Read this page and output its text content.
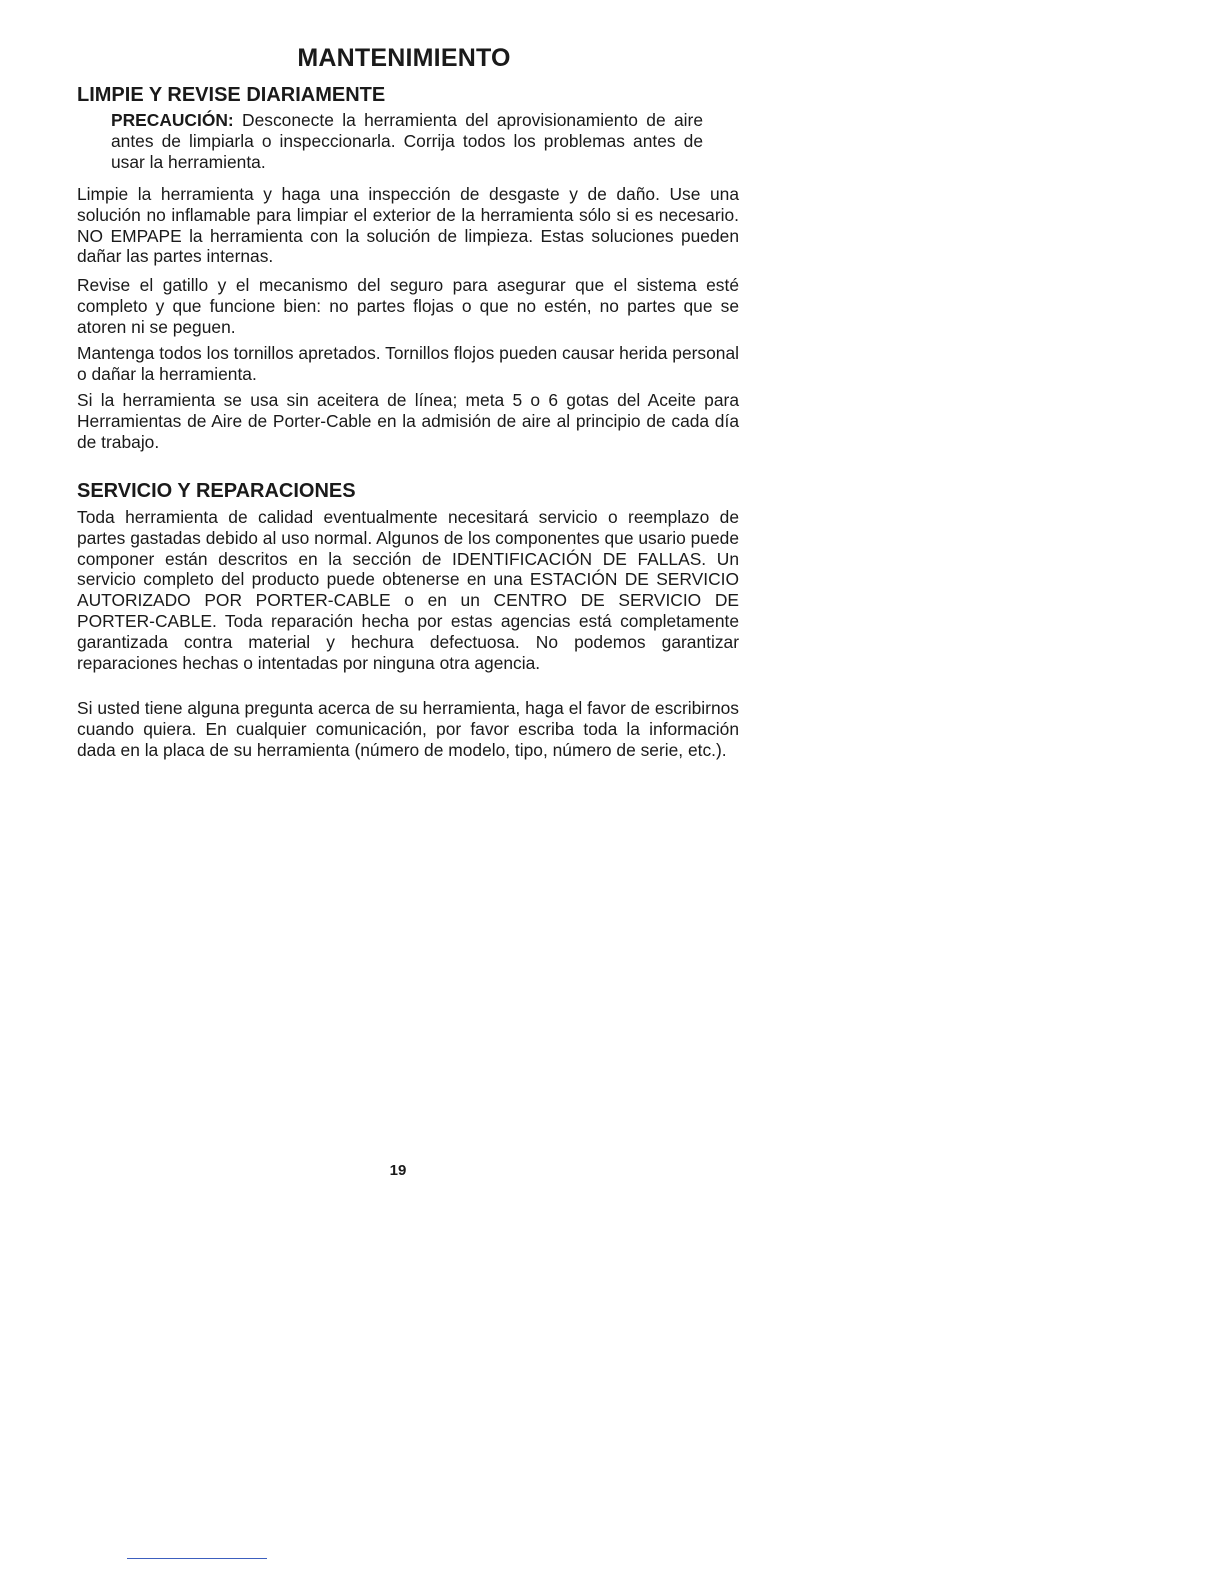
MANTENIMIENTO
LIMPIE Y REVISE DIARIAMENTE
PRECAUCIÓN: Desconecte la herramienta del aprovisionamiento de aire antes de limpiarla o inspeccionarla. Corrija todos los problemas antes de usar la herramienta.
Limpie la herramienta y haga una inspección de desgaste y de daño. Use una solución no inflamable para limpiar el exterior de la herramienta sólo si es necesario. NO EMPAPE la herramienta con la solución de limpieza. Estas soluciones pueden dañar las partes internas.
Revise el gatillo y el mecanismo del seguro para asegurar que el sistema esté completo y que funcione bien: no partes flojas o que no estén, no partes que se atoren ni se peguen.
Mantenga todos los tornillos apretados. Tornillos flojos pueden causar herida personal o dañar la herramienta.
Si la herramienta se usa sin aceitera de línea; meta 5 o 6 gotas del Aceite para Herramientas de Aire de Porter-Cable en la admisión de aire al principio de cada día de trabajo.
SERVICIO Y REPARACIONES
Toda herramienta de calidad eventualmente necesitará servicio o reemplazo de partes gastadas debido al uso normal. Algunos de los componentes que usario puede componer están descritos en la sección de IDENTIFICACIÓN DE FALLAS. Un servicio completo del producto puede obtenerse en una ESTACIÓN DE SERVICIO AUTORIZADO POR PORTER-CABLE o en un CENTRO DE SERVICIO DE PORTER-CABLE. Toda reparación hecha por estas agencias está completamente garantizada contra material y hechura defectuosa. No podemos garantizar reparaciones hechas o intentadas por ninguna otra agencia.
Si usted tiene alguna pregunta acerca de su herramienta, haga el favor de escribirnos cuando quiera. En cualquier comunicación, por favor escriba toda la información dada en la placa de su herramienta (número de modelo, tipo, número de serie, etc.).
19
